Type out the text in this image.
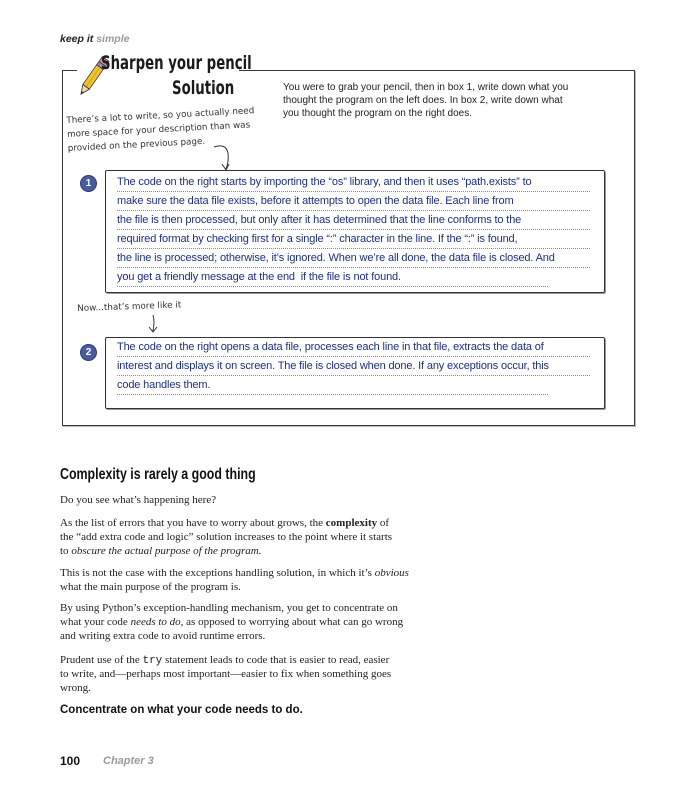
keep it simple
Sharpen your pencil
Solution	You were to grab your pencil, then in box 1, write down what you
thought the program on the left does. In box 2, write down what
you thought the program on the right does.
There’s a lot to write, so you actually need
more space for your description than was
provided on the previous page.
1	The code on the right starts by importing the “os” library, and then it uses “path.exists” to
make sure the data file exists, before it attempts to open the data file. Each line from
the file is then processed, but only after it has determined that the line conforms to the
required format by checking first for a single “:” character in the line. If the “:” is found,
the line is processed; otherwise, it’s ignored. When we’re all done, the data file is closed. And
you get a friendly message at the end  if the file is not found.
Now...that’s more like it
2	The code on the right opens a data file, processes each line in that file, extracts the data of
interest and displays it on screen. The file is closed when done. If any exceptions occur, this
code handles them.
Complexity is rarely a good thing
Do you see what’s happening here?
As the list of errors that you have to worry about grows, the complexity of
the “add extra code and logic” solution increases to the point where it starts
to obscure the actual purpose of the program.
This is not the case with the exceptions handling solution, in which it’s obvious
what the main purpose of the program is.
By using Python’s exception-handling mechanism, you get to concentrate on
what your code needs to do, as opposed to worrying about what can go wrong
and writing extra code to avoid runtime errors.
Prudent use of the try statement leads to code that is easier to read, easier
to write, and—perhaps most important—easier to fix when something goes
wrong.
Concentrate on what your code needs to do.
100 Chapter 3
